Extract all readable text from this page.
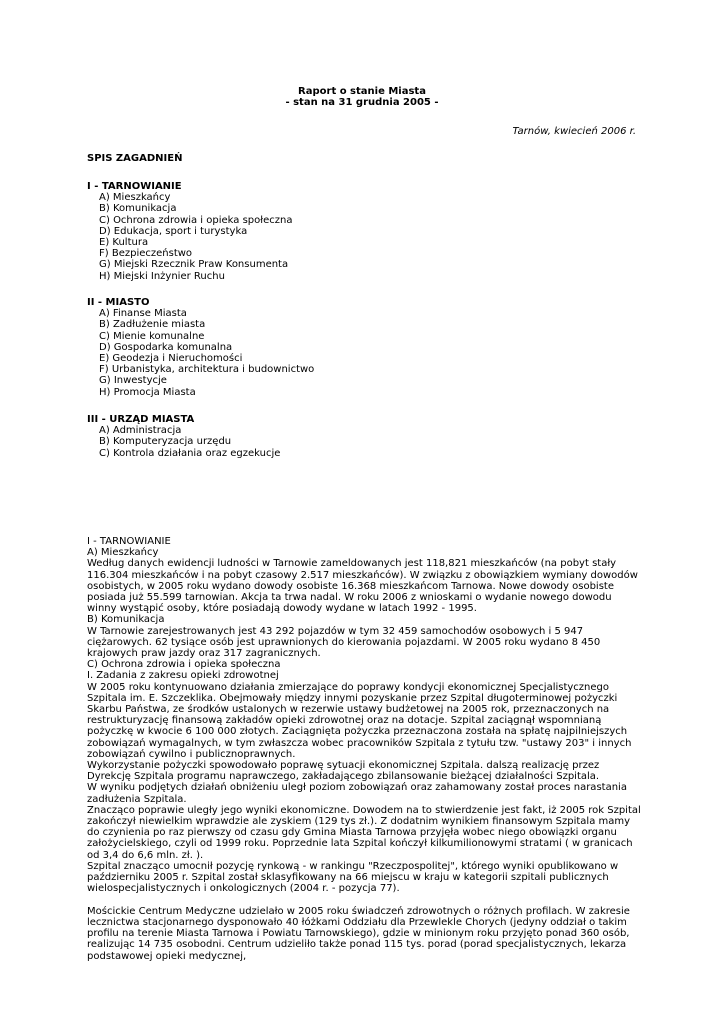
Raport o stanie Miasta
- stan na 31 grudnia 2005 -
Tarnów, kwiecień 2006 r.
SPIS ZAGADNIEŃ
I - TARNOWIANIE
A) Mieszkańcy
B) Komunikacja
C) Ochrona zdrowia i opieka społeczna
D) Edukacja, sport i turystyka
E) Kultura
F) Bezpieczeństwo
G) Miejski Rzecznik Praw Konsumenta
H) Miejski Inżynier Ruchu
II - MIASTO
A) Finanse Miasta
B) Zadłużenie miasta
C) Mienie komunalne
D) Gospodarka komunalna
E) Geodezja i Nieruchomości
F) Urbanistyka, architektura i budownictwo
G) Inwestycje
H) Promocja Miasta
III - URZĄD MIASTA
A) Administracja
B) Komputeryzacja urzędu
C) Kontrola działania oraz egzekucje

I - TARNOWIANIE

A) Mieszkańcy

Według danych ewidencji ludności w Tarnowie zameldowanych jest 118,821 mieszkańców (na pobyt stały 116.304 mieszkańców i na pobyt czasowy 2.517 mieszkańców). W związku z obowiązkiem wymiany dowodów osobistych, w 2005 roku wydano dowody osobiste 16.368 mieszkańcom Tarnowa. Nowe dowody osobiste posiada już 55.599 tarnowian. Akcja ta trwa nadal. W roku 2006 z wnioskami o wydanie nowego dowodu winny wystąpić osoby, które posiadają dowody wydane w latach 1992 - 1995.

B) Komunikacja

W Tarnowie zarejestrowanych jest 43 292 pojazdów w tym 32 459 samochodów osobowych i 5 947 ciężarowych. 62 tysiące osób jest uprawnionych do kierowania pojazdami. W 2005 roku wydano 8 450 krajowych praw jazdy oraz 317 zagranicznych.

C) Ochrona zdrowia i opieka społeczna

I. Zadania z zakresu opieki zdrowotnej

W 2005 roku kontynuowano działania zmierzające do poprawy kondycji ekonomicznej Specjalistycznego Szpitala im. E. Szczeklika. Obejmowały między innymi pozyskanie przez Szpital długoterminowej pożyczki Skarbu Państwa, ze środków ustalonych w rezerwie ustawy budżetowej na 2005 rok, przeznaczonych na restrukturyzację finansową zakładów opieki zdrowotnej oraz na dotacje. Szpital zaciągnął wspomnianą pożyczkę w kwocie 6 100 000 złotych. Zaciągnięta pożyczka przeznaczona została na spłatę najpilniejszych zobowiązań wymagalnych, w tym zwłaszcza wobec pracowników Szpitala z tytułu tzw. "ustawy 203" i innych zobowiązań cywilno i publicznoprawnych.

Wykorzystanie pożyczki spowodowało poprawę sytuacji ekonomicznej Szpitala. dalszą realizację przez Dyrekcję Szpitala programu naprawczego, zakładającego zbilansowanie bieżącej działalności Szpitala.

W wyniku podjętych działań obniżeniu uległ poziom zobowiązań oraz zahamowany został proces narastania zadłużenia Szpitala.

Znacząco poprawie uległy jego wyniki ekonomiczne. Dowodem na to stwierdzenie jest fakt, iż 2005 rok Szpital zakończył niewielkim wprawdzie ale zyskiem (129 tys zł.). Z dodatnim wynikiem finansowym Szpitala mamy do czynienia po raz pierwszy od czasu gdy Gmina Miasta Tarnowa przyjęła wobec niego obowiązki organu założycielskiego, czyli od 1999 roku. Poprzednie lata Szpital kończył kilkumilionowymi stratami ( w granicach od 3,4 do 6,6 mln. zł. ).

Szpital znacząco umocnił pozycję rynkową - w rankingu "Rzeczpospolitej", którego wyniki opublikowano w październiku 2005 r. Szpital został sklasyfikowany na 66 miejscu w kraju w kategorii szpitali publicznych wielospecjalistycznych i onkologicznych (2004 r. - pozycja 77).

Mościckie Centrum Medyczne udzielało w 2005 roku świadczeń zdrowotnych o różnych profilach. W zakresie lecznictwa stacjonarnego dysponowało 40 łóżkami Oddziału dla Przewlekle Chorych (jedyny oddział o takim profilu na terenie Miasta Tarnowa i Powiatu Tarnowskiego), gdzie w minionym roku przyjęto ponad 360 osób, realizując 14 735 osobodni. Centrum udzieliło także ponad 115 tys. porad (porad specjalistycznych, lekarza podstawowej opieki medycznej,
